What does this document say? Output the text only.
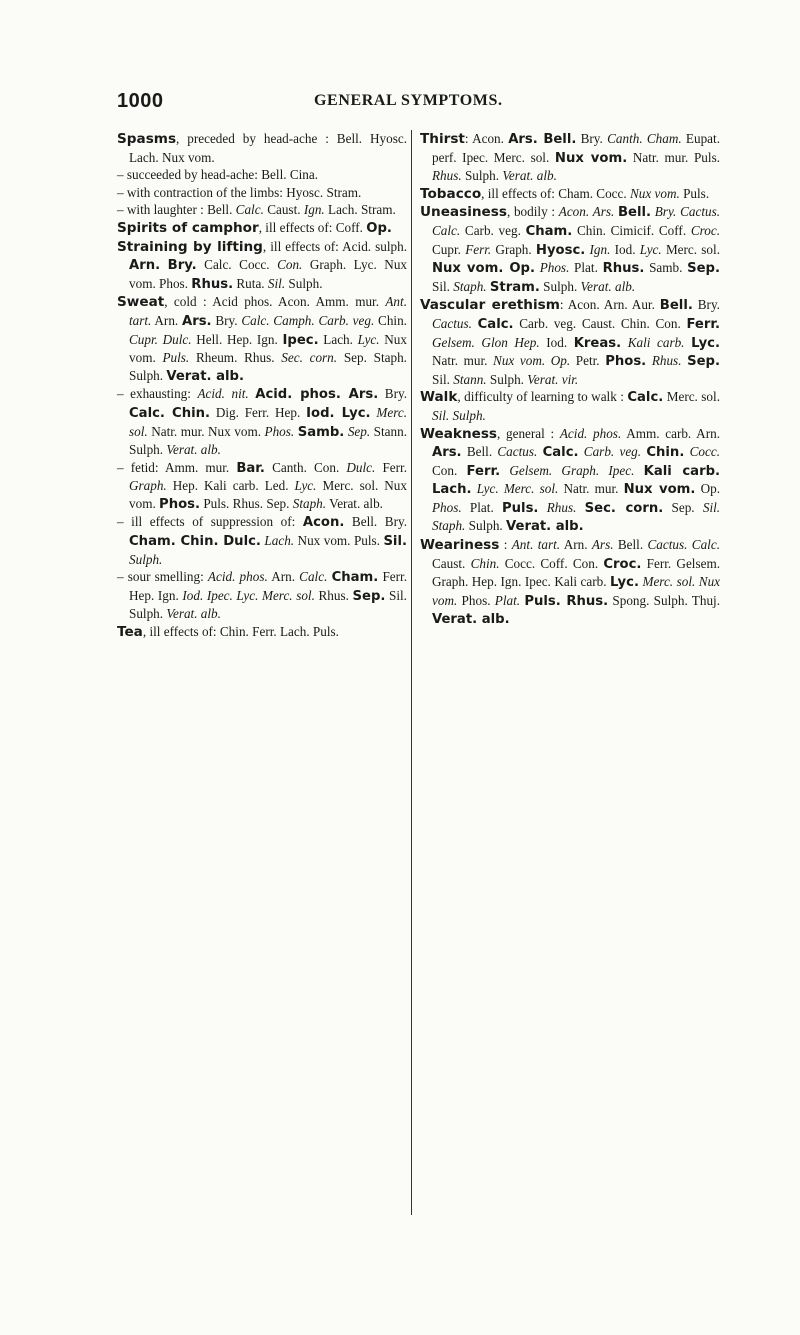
1000	GENERAL SYMPTOMS.

Spasms, preceded by head-ache : Bell. Hyosc. Lach. Nux vom.

– succeeded by head-ache: Bell. Cina.

– with contraction of the limbs: Hyosc. Stram.

– with laughter : Bell. Calc. Caust. Ign. Lach. Stram.

Spirits of camphor, ill effects of: Coff. Op.

Straining by lifting, ill effects of: Acid. sulph. Arn. Bry. Calc. Cocc. Con. Graph. Lyc. Nux vom. Phos. Rhus. Ruta. Sil. Sulph.

Sweat, cold : Acid phos. Acon. Amm. mur. Ant. tart. Arn. Ars. Bry. Calc. Camph. Carb. veg. Chin. Cupr. Dulc. Hell. Hep. Ign. Ipec. Lach. Lyc. Nux vom. Puls. Rheum. Rhus. Sec. corn. Sep. Staph. Sulph. Verat. alb.

– exhausting: Acid. nit. Acid. phos. Ars. Bry. Calc. Chin. Dig. Ferr. Hep. Iod. Lyc. Merc. sol. Natr. mur. Nux vom. Phos. Samb. Sep. Stann. Sulph. Verat. alb.

– fetid: Amm. mur. Bar. Canth. Con. Dulc. Ferr. Graph. Hep. Kali carb. Led. Lyc. Merc. sol. Nux vom. Phos. Puls. Rhus. Sep. Staph. Verat. alb.

– ill effects of suppression of: Acon. Bell. Bry. Cham. Chin. Dulc. Lach. Nux vom. Puls. Sil. Sulph.

– sour smelling: Acid. phos. Arn. Calc. Cham. Ferr. Hep. Ign. Iod. Ipec. Lyc. Merc. sol. Rhus. Sep. Sil. Sulph. Verat. alb.

Tea, ill effects of: Chin. Ferr. Lach. Puls.

Thirst: Acon. Ars. Bell. Bry. Canth. Cham. Eupat. perf. Ipec. Merc. sol. Nux vom. Natr. mur. Puls. Rhus. Sulph. Verat. alb.

Tobacco, ill effects of: Cham. Cocc. Nux vom. Puls.

Uneasiness, bodily : Acon. Ars. Bell. Bry. Cactus. Calc. Carb. veg. Cham. Chin. Cimicif. Coff. Croc. Cupr. Ferr. Graph. Hyosc. Ign. Iod. Lyc. Merc. sol. Nux vom. Op. Phos. Plat. Rhus. Samb. Sep. Sil. Staph. Stram. Sulph. Verat. alb.

Vascular erethism: Acon. Arn. Aur. Bell. Bry. Cactus. Calc. Carb. veg. Caust. Chin. Con. Ferr. Gelsem. Glon Hep. Iod. Kreas. Kali carb. Lyc. Natr. mur. Nux vom. Op. Petr. Phos. Rhus. Sep. Sil. Stann. Sulph. Verat. vir.

Walk, difficulty of learning to walk : Calc. Merc. sol. Sil. Sulph.

Weakness, general : Acid. phos. Amm. carb. Arn. Ars. Bell. Cactus. Calc. Carb. veg. Chin. Cocc. Con. Ferr. Gelsem. Graph. Ipec. Kali carb. Lach. Lyc. Merc. sol. Natr. mur. Nux vom. Op. Phos. Plat. Puls. Rhus. Sec. corn. Sep. Sil. Staph. Sulph. Verat. alb.

Weariness : Ant. tart. Arn. Ars. Bell. Cactus. Calc. Caust. Chin. Cocc. Coff. Con. Croc. Ferr. Gelsem. Graph. Hep. Ign. Ipec. Kali carb. Lyc. Merc. sol. Nux vom. Phos. Plat. Puls. Rhus. Spong. Sulph. Thuj. Verat. alb.
